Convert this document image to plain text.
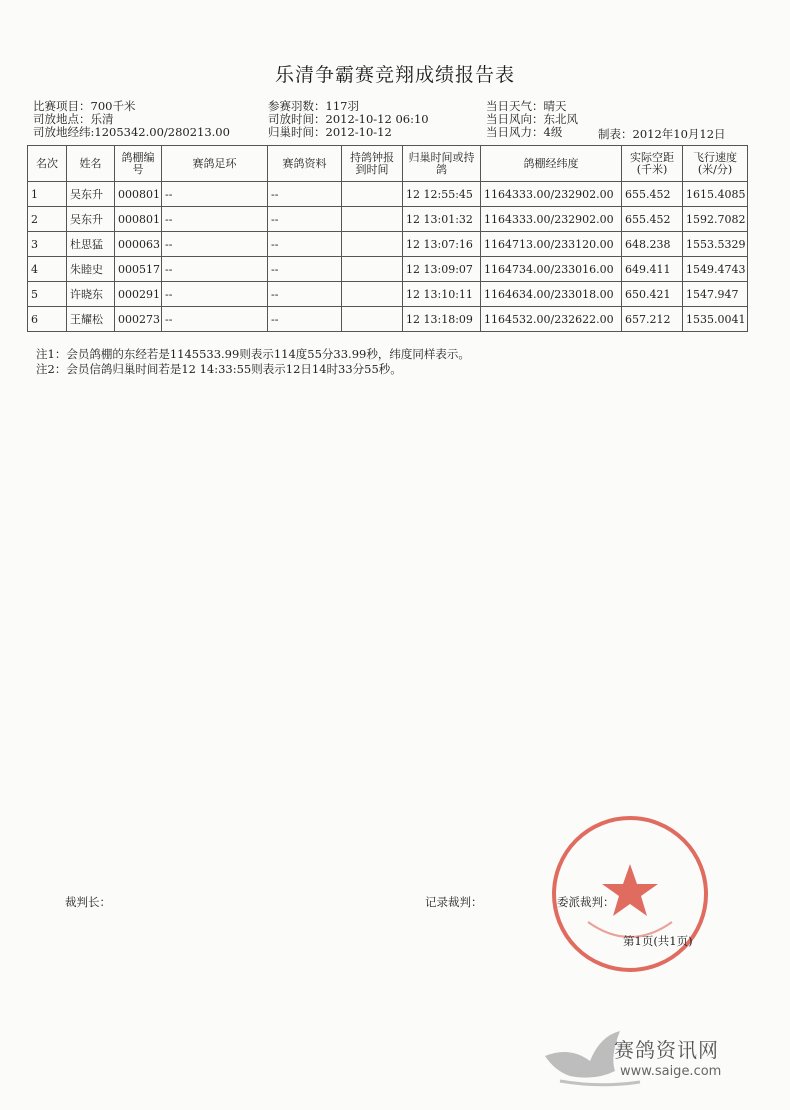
乐清争霸赛竞翔成绩报告表
比赛项目：700千米
司放地点：乐清
司放地经纬:1205342.00/280213.00
参赛羽数：117羽
司放时间：2012-10-12 06:10
归巢时间：2012-10-12
当日天气：晴天
当日风向：东北风
当日风力：4级	制表：2012年10月12日
名次	姓名	鸽棚编号	赛鸽足环	赛鸽资料	持鸽钟报到时间	归巢时间或持鸽	鸽棚经纬度	实际空距(千米)	飞行速度(米/分)
1	吴东升	000801	--	--		12 12:55:45	1164333.00/232902.00	655.452	1615.4085
2	吴东升	000801	--	--		12 13:01:32	1164333.00/232902.00	655.452	1592.7082
3	杜思猛	000063	--	--		12 13:07:16	1164713.00/233120.00	648.238	1553.5329
4	朱睦史	000517	--	--		12 13:09:07	1164734.00/233016.00	649.411	1549.4743
5	许晓东	000291	--	--		12 13:10:11	1164634.00/233018.00	650.421	1547.947
6	王耀松	000273	--	--		12 13:18:09	1164532.00/232622.00	657.212	1535.0041
注1：会员鸽棚的东经若是1145533.99则表示114度55分33.99秒，纬度同样表示。
注2：会员信鸽归巢时间若是12 14:33:55则表示12日14时33分55秒。
裁判长：	记录裁判：	委派裁判：
第1页(共1页)
赛鸽资讯网
www.saige.com
